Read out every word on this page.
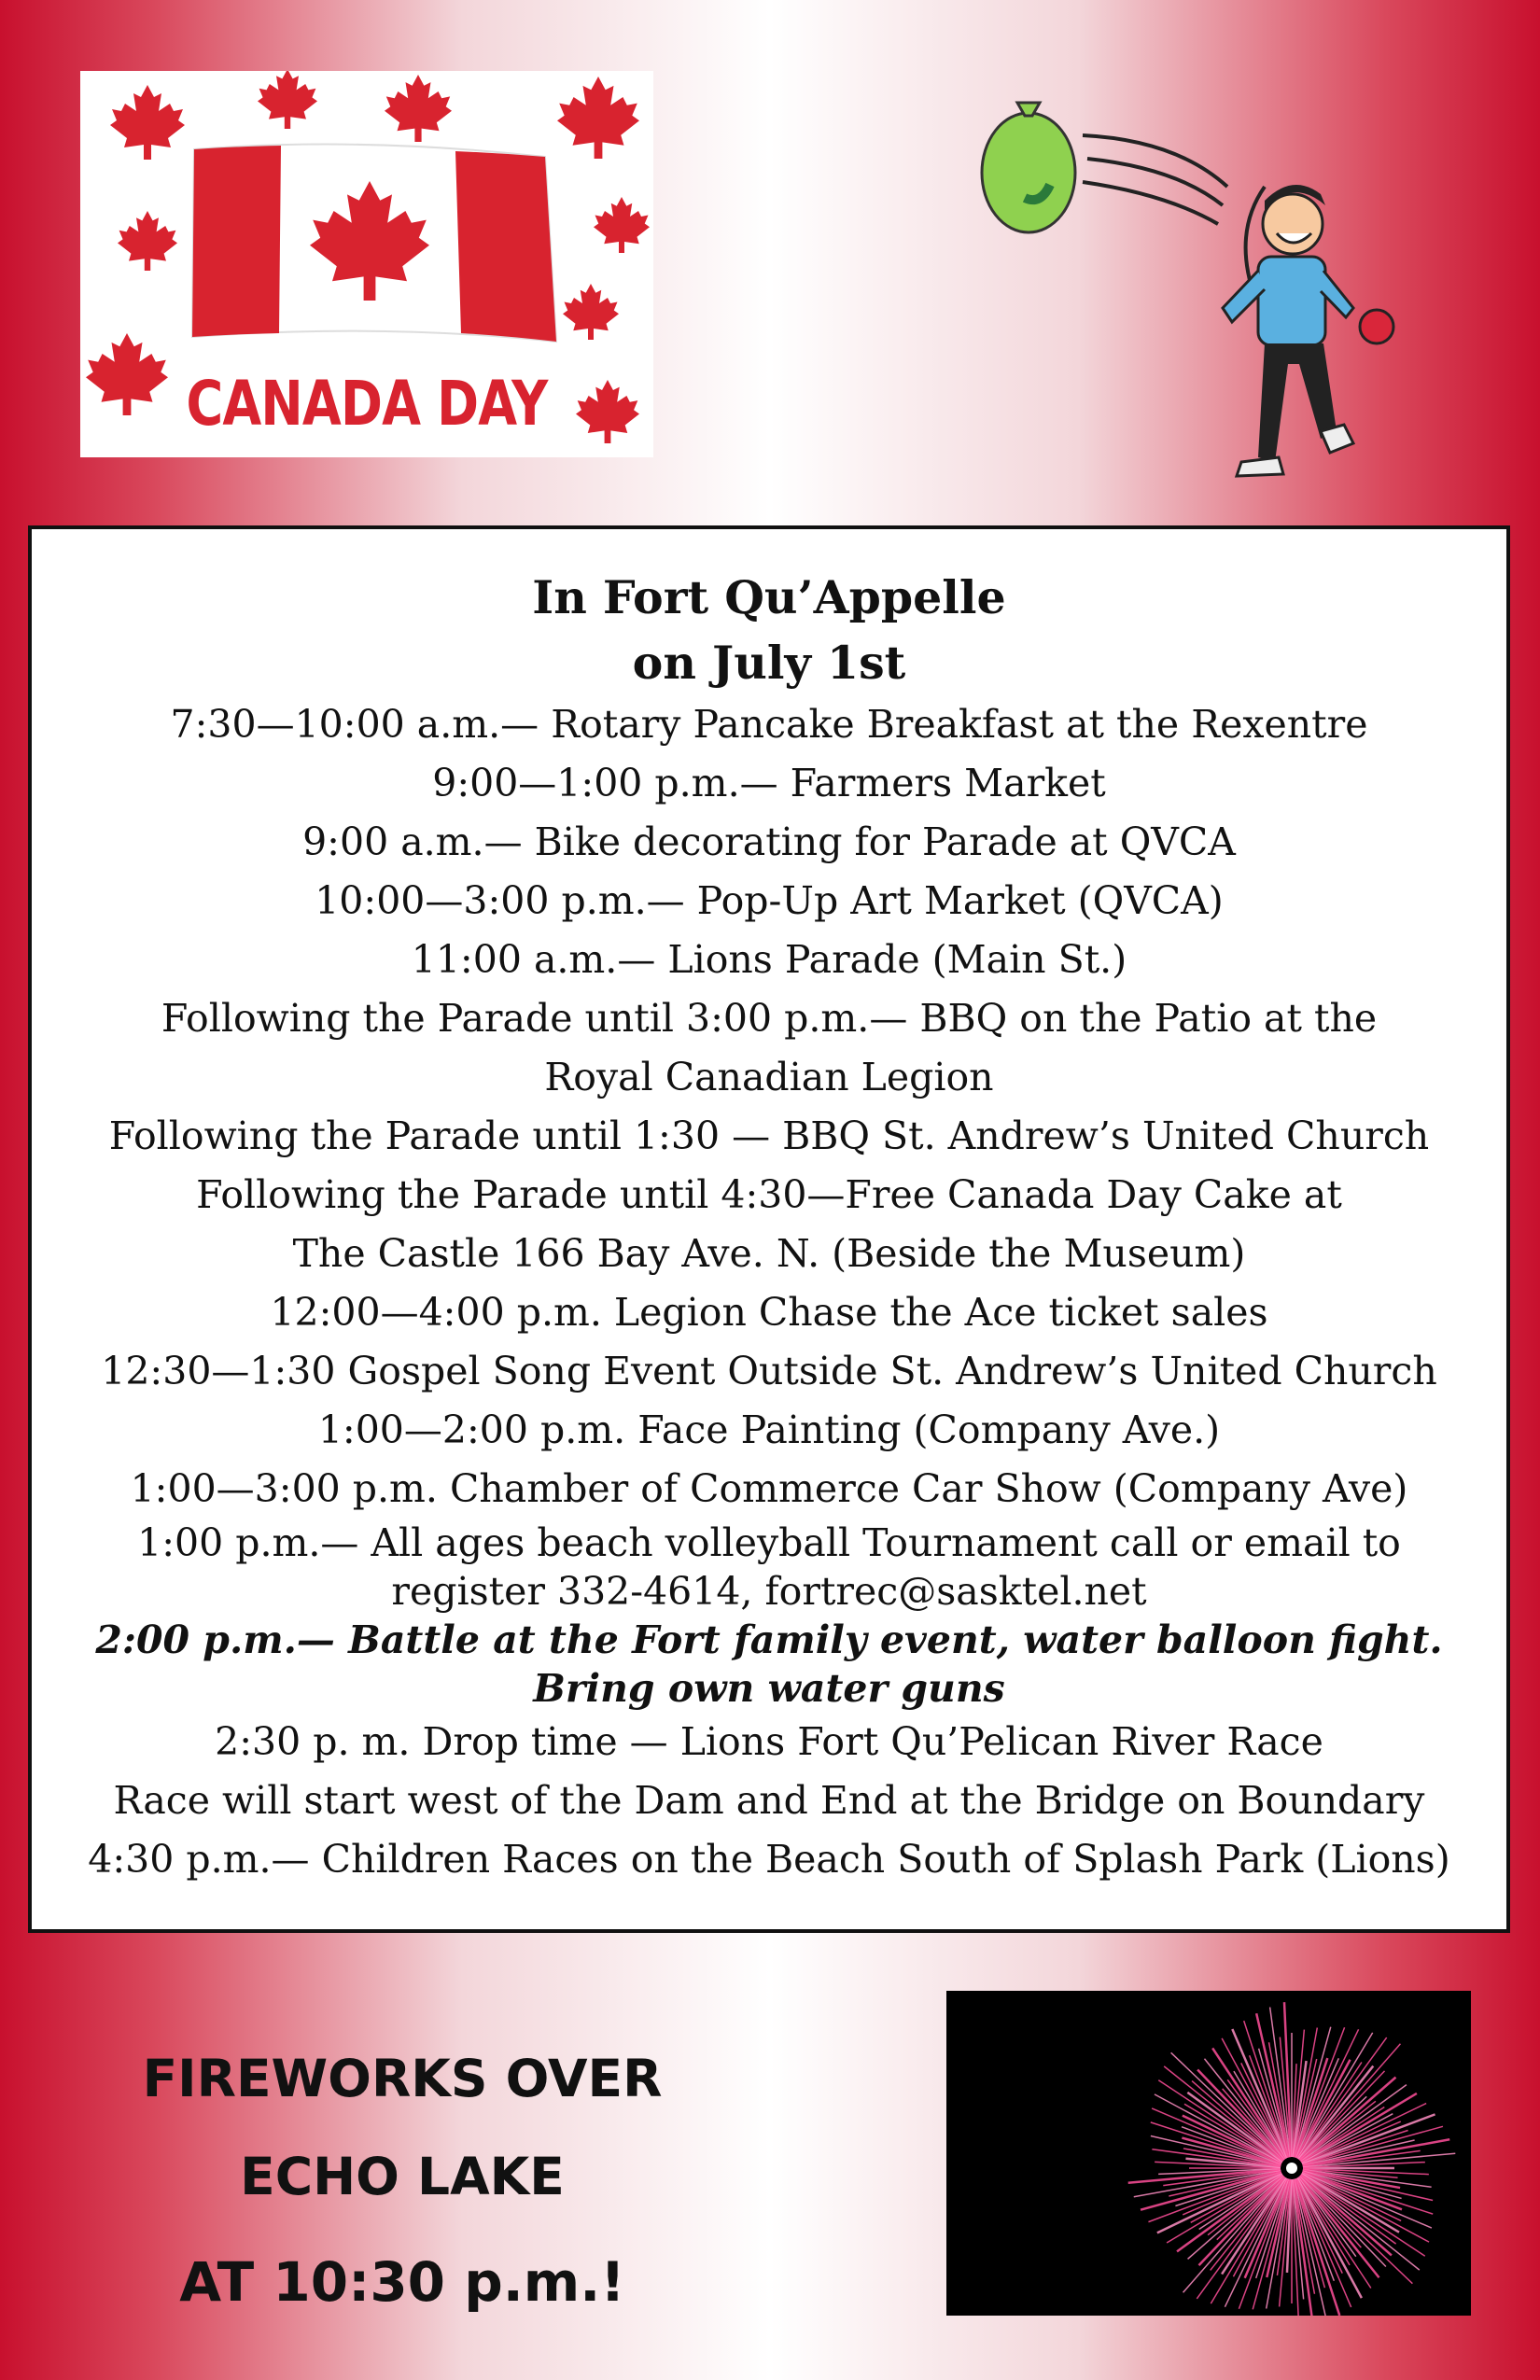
CANADA DAY
In Fort Qu’Appelle
on July 1st
7:30—10:00 a.m.— Rotary Pancake Breakfast at the Rexentre
9:00—1:00 p.m.— Farmers Market
9:00 a.m.— Bike decorating for Parade at QVCA
10:00—3:00 p.m.— Pop-Up Art Market (QVCA)
11:00 a.m.— Lions Parade (Main St.)
Following the Parade until 3:00 p.m.— BBQ on the Patio at the
Royal Canadian Legion
Following the Parade until 1:30 — BBQ St. Andrew’s United Church
Following the Parade until 4:30—Free Canada Day Cake at
The Castle 166 Bay Ave. N. (Beside the Museum)
12:00—4:00 p.m. Legion Chase the Ace ticket sales
12:30—1:30 Gospel Song Event Outside St. Andrew’s United Church
1:00—2:00 p.m. Face Painting (Company Ave.)
1:00—3:00 p.m. Chamber of Commerce Car Show (Company Ave)
1:00 p.m.— All ages beach volleyball Tournament call or email to
register 332-4614, fortrec@sasktel.net
2:00 p.m.— Battle at the Fort family event, water balloon fight.
Bring own water guns
2:30 p. m. Drop time — Lions Fort Qu’Pelican River Race
Race will start west of the Dam and End at the Bridge on Boundary
4:30 p.m.— Children Races on the Beach South of Splash Park (Lions)
FIREWORKS OVER
ECHO LAKE
AT 10:30 p.m.!
